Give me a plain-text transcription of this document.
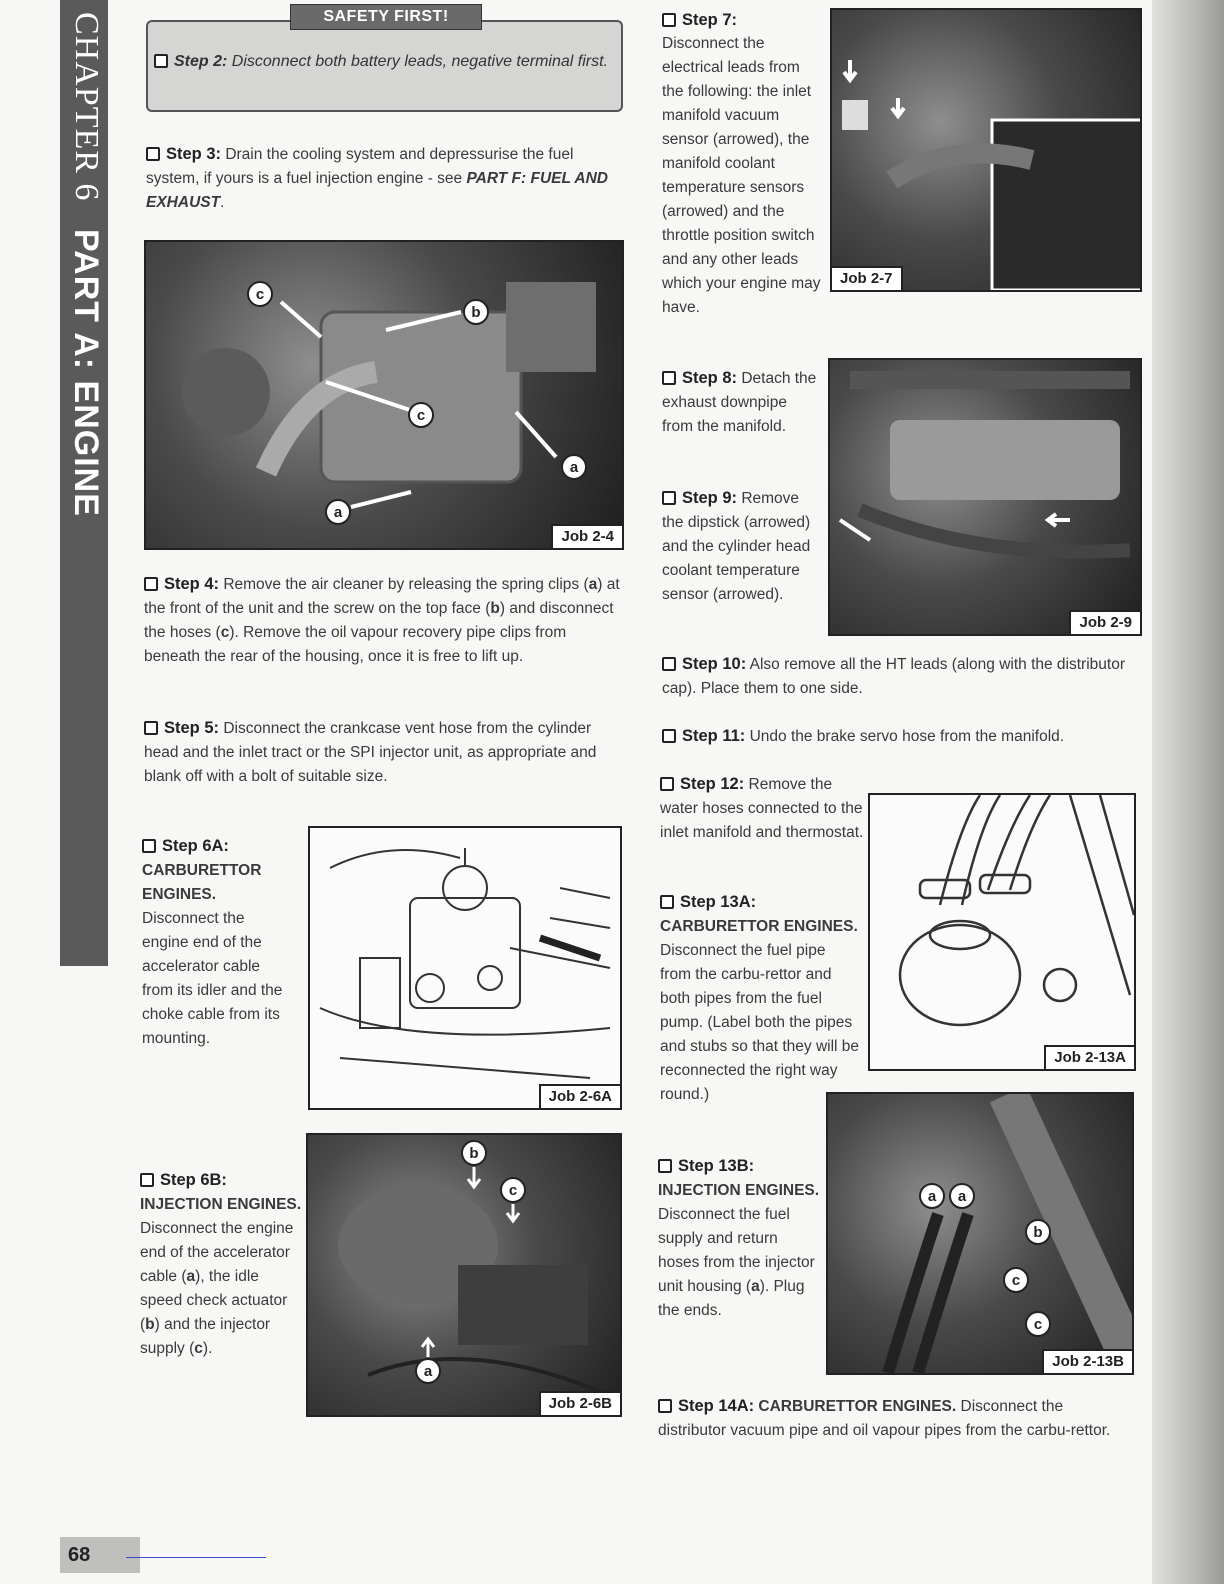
CHAPTER 6PART A: ENGINE
SAFETY FIRST!
Step 2: Disconnect both battery leads, negative terminal first.
Step 3: Drain the cooling system and depressurise the fuel system, if yours is a fuel injection engine - see PART F: FUEL AND EXHAUST.
c
b
c
a
a
Job 2-4
Step 4: Remove the air cleaner by releasing the spring clips (a) at the front of the unit and the screw on the top face (b) and disconnect the hoses (c). Remove the oil vapour recovery pipe clips from beneath the rear of the housing, once it is free to lift up.
Step 5: Disconnect the crankcase vent hose from the cylinder head and the inlet tract or the SPI injector unit, as appropriate and blank off with a bolt of suitable size.
Step 6A:
CARBURETTOR ENGINES.
Disconnect the engine end of the accelerator cable from its idler and the choke cable from its mounting.
Job 2-6A
Step 6B:
INJECTION ENGINES.
Disconnect the engine end of the accelerator cable (a), the idle speed check actuator (b) and the injector supply (c).
b
c
a
Job 2-6B
Step 7:
Disconnect the electrical leads from the following: the inlet manifold vacuum sensor (arrowed), the manifold coolant temperature sensors (arrowed) and the throttle position switch and any other leads which your engine may have.
Job 2-7
Step 8: Detach the exhaust downpipe from the manifold.
Step 9: Remove the dipstick (arrowed) and the cylinder head coolant temperature sensor (arrowed).
Job 2-9
Step 10: Also remove all the HT leads (along with the distributor cap). Place them to one side.
Step 11: Undo the brake servo hose from the manifold.
Step 12: Remove the water hoses connected to the inlet manifold and thermostat.
Step 13A:
CARBURETTOR ENGINES. Disconnect the fuel pipe from the carbu-rettor and both pipes from the fuel pump. (Label both the pipes and stubs so that they will be reconnected the right way round.)
Job 2-13A
Step 13B:
INJECTION ENGINES.
Disconnect the fuel supply and return hoses from the injector unit housing (a). Plug the ends.
a a
b
c
c
Job 2-13B
Step 14A: CARBURETTOR ENGINES. Disconnect the distributor vacuum pipe and oil vapour pipes from the carbu-rettor.
68
